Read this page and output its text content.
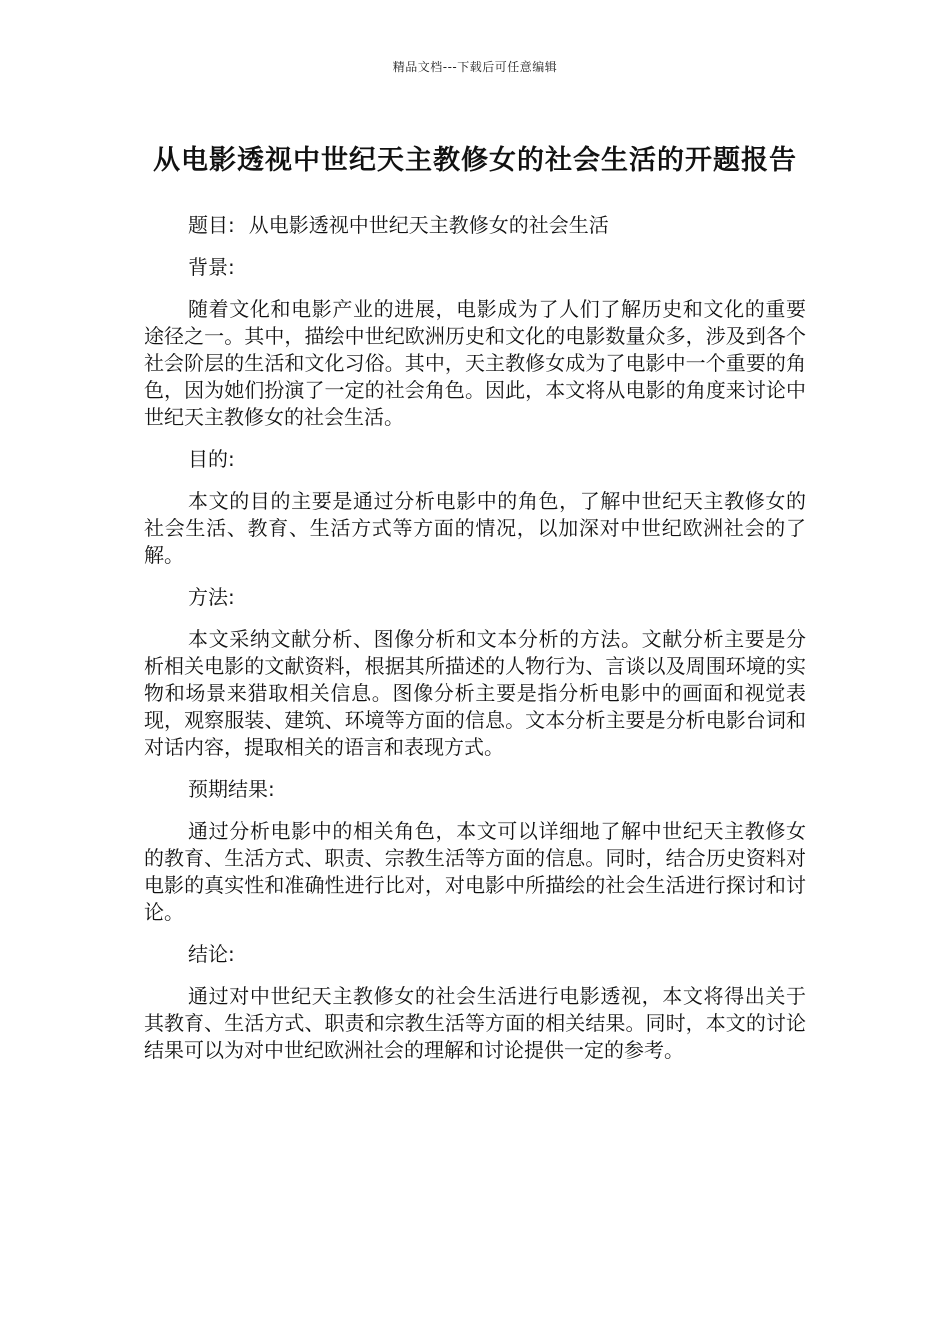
精品文档---下载后可任意编辑
从电影透视中世纪天主教修女的社会生活的开题报告

题目: 从电影透视中世纪天主教修女的社会生活

背景:

随着文化和电影产业的进展，电影成为了人们了解历史和文化的重要途径之一。其中，描绘中世纪欧洲历史和文化的电影数量众多，涉及到各个社会阶层的生活和文化习俗。其中，天主教修女成为了电影中一个重要的角色，因为她们扮演了一定的社会角色。因此，本文将从电影的角度来讨论中世纪天主教修女的社会生活。

目的:

本文的目的主要是通过分析电影中的角色，了解中世纪天主教修女的社会生活、教育、生活方式等方面的情况，以加深对中世纪欧洲社会的了解。

方法:

本文采纳文献分析、图像分析和文本分析的方法。文献分析主要是分析相关电影的文献资料，根据其所描述的人物行为、言谈以及周围环境的实物和场景来猎取相关信息。图像分析主要是指分析电影中的画面和视觉表现，观察服装、建筑、环境等方面的信息。文本分析主要是分析电影台词和对话内容，提取相关的语言和表现方式。

预期结果:

通过分析电影中的相关角色，本文可以详细地了解中世纪天主教修女的教育、生活方式、职责、宗教生活等方面的信息。同时，结合历史资料对电影的真实性和准确性进行比对，对电影中所描绘的社会生活进行探讨和讨论。

结论:

通过对中世纪天主教修女的社会生活进行电影透视，本文将得出关于其教育、生活方式、职责和宗教生活等方面的相关结果。同时，本文的讨论结果可以为对中世纪欧洲社会的理解和讨论提供一定的参考。
